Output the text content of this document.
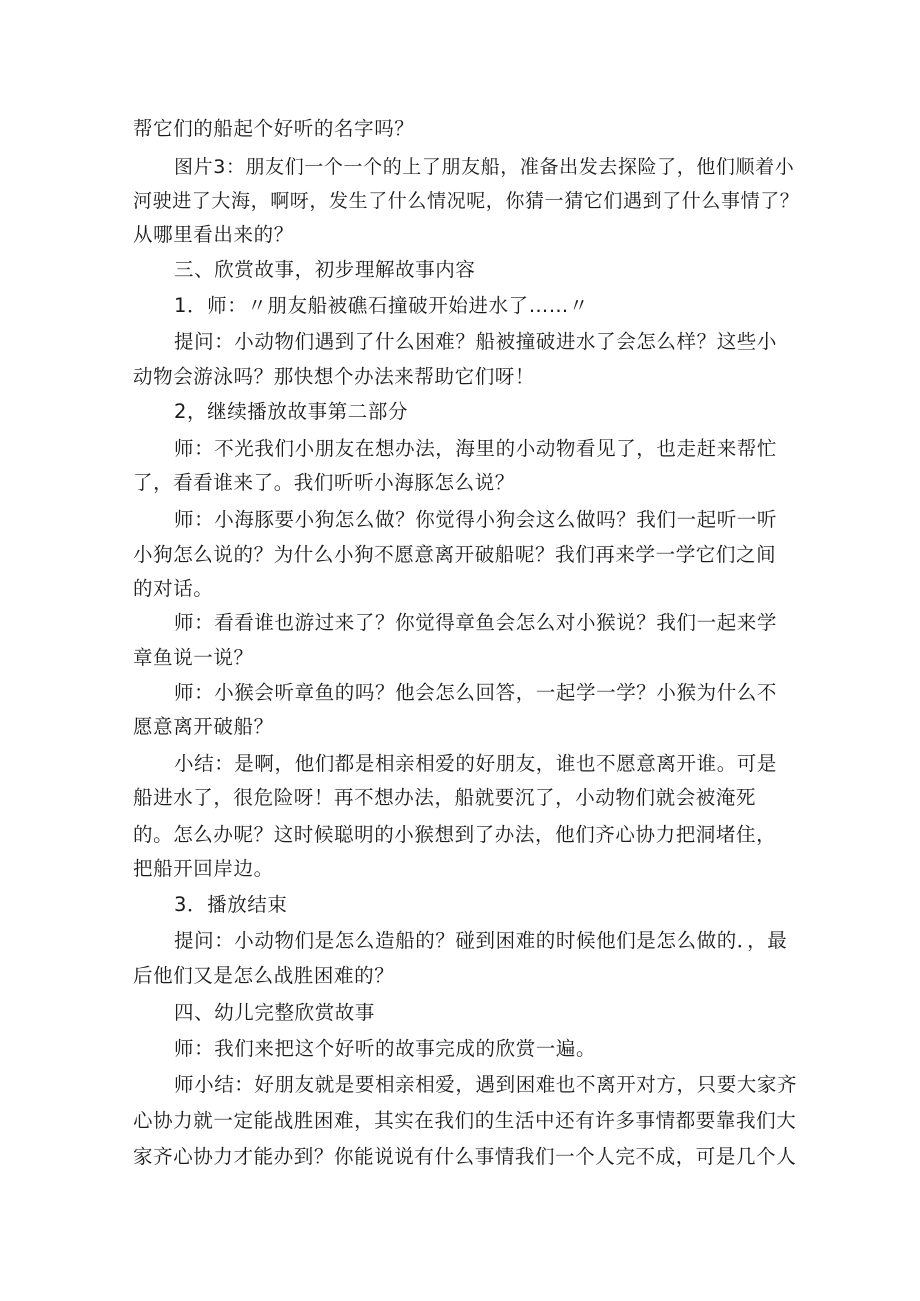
帮它们的船起个好听的名字吗？
图片3：朋友们一个一个的上了朋友船，准备出发去探险了，他们顺着小
河驶进了大海，啊呀，发生了什么情况呢，你猜一猜它们遇到了什么事情了？
从哪里看出来的？
三、欣赏故事，初步理解故事内容
1．师：〃朋友船被礁石撞破开始进水了……〃
提问：小动物们遇到了什么困难？船被撞破进水了会怎么样？这些小
动物会游泳吗？那快想个办法来帮助它们呀！
2，继续播放故事第二部分
师：不光我们小朋友在想办法，海里的小动物看见了，也走赶来帮忙
了，看看谁来了。我们听听小海豚怎么说？
师：小海豚要小狗怎么做？你觉得小狗会这么做吗？我们一起听一听
小狗怎么说的？为什么小狗不愿意离开破船呢？我们再来学一学它们之间
的对话。
师：看看谁也游过来了？你觉得章鱼会怎么对小猴说？我们一起来学
章鱼说一说？
师：小猴会听章鱼的吗？他会怎么回答，一起学一学？小猴为什么不
愿意离开破船？
小结：是啊，他们都是相亲相爱的好朋友，谁也不愿意离开谁。可是
船进水了，很危险呀！再不想办法，船就要沉了，小动物们就会被淹死
的。怎么办呢？这时候聪明的小猴想到了办法，他们齐心协力把洞堵住，
把船开回岸边。
3．播放结束
提问：小动物们是怎么造船的？碰到困难的时候他们是怎么做的．，最
后他们又是怎么战胜困难的？
四、幼儿完整欣赏故事
师：我们来把这个好听的故事完成的欣赏一遍。
师小结：好朋友就是要相亲相爱，遇到困难也不离开对方，只要大家齐
心协力就一定能战胜困难，其实在我们的生活中还有许多事情都要靠我们大
家齐心协力才能办到？你能说说有什么事情我们一个人完不成，可是几个人
